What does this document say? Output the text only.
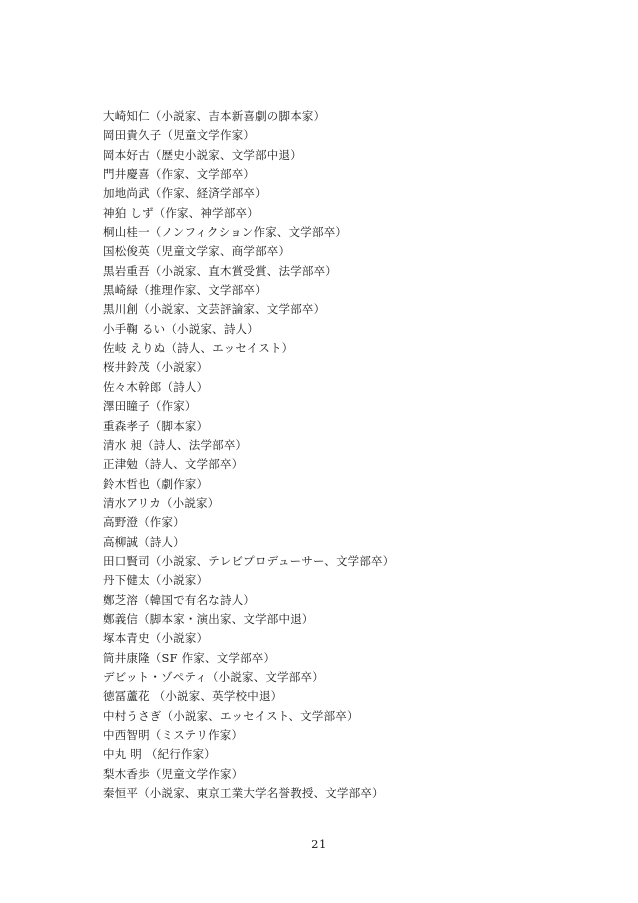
大崎知仁（小説家、吉本新喜劇の脚本家）
岡田貴久子（児童文学作家）
岡本好古（歴史小説家、文学部中退）
門井慶喜（作家、文学部卒）
加地尚武（作家、経済学部卒）
神狛 しず（作家、神学部卒）
桐山桂一（ノンフィクション作家、文学部卒）
国松俊英（児童文学家、商学部卒）
黒岩重吾（小説家、直木賞受賞、法学部卒）
黒崎緑（推理作家、文学部卒）
黒川創（小説家、文芸評論家、文学部卒）
小手鞠 るい（小説家、詩人）
佐岐 えりぬ（詩人、エッセイスト）
桜井鈴茂（小説家）
佐々木幹郎（詩人）
澤田瞳子（作家）
重森孝子（脚本家）
清水 昶（詩人、法学部卒）
正津勉（詩人、文学部卒）
鈴木哲也（劇作家）
清水アリカ（小説家）
高野澄（作家）
高柳誠（詩人）
田口賢司（小説家、テレビプロデューサー、文学部卒）
丹下健太（小説家）
鄭芝溶（韓国で有名な詩人）
鄭義信（脚本家・演出家、文学部中退）
塚本青史（小説家）
筒井康隆（SF 作家、文学部卒）
デビット・ゾペティ（小説家、文学部卒）
徳冨蘆花 （小説家、英学校中退）
中村うさぎ（小説家、エッセイスト、文学部卒）
中西智明（ミステリ作家）
中丸 明 （紀行作家）
梨木香歩（児童文学作家）
秦恒平（小説家、東京工業大学名誉教授、文学部卒）
21
